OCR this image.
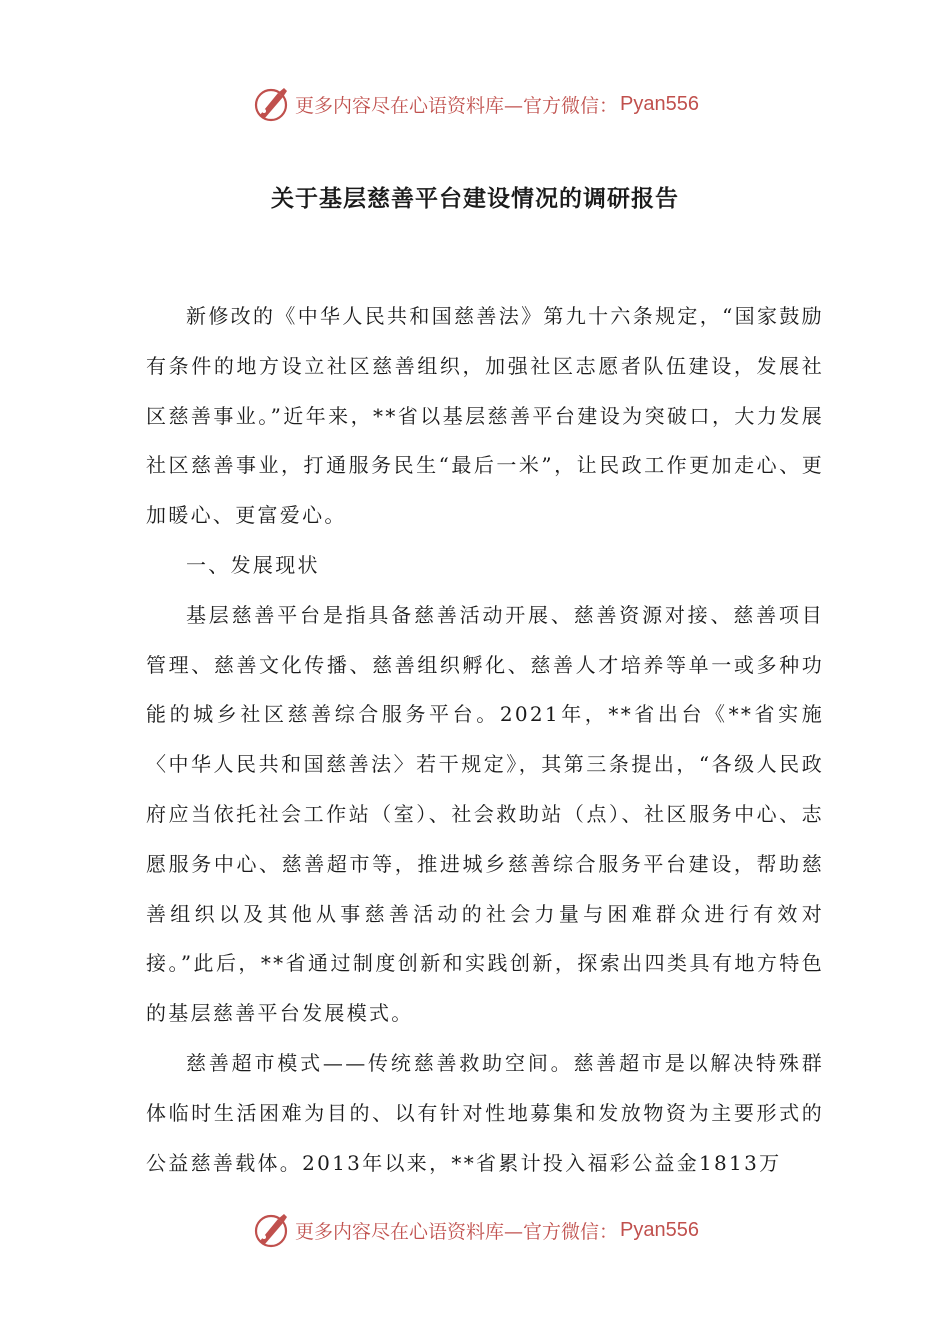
更多内容尽在心语资料库—官方微信： Pyan556
关于基层慈善平台建设情况的调研报告

新修改的《中华人民共和国慈善法》第九十六条规定，“国家鼓励有条件的地方设立社区慈善组织，加强社区志愿者队伍建设，发展社区慈善事业。”近年来，**省以基层慈善平台建设为突破口，大力发展社区慈善事业，打通服务民生“最后一米”，让民政工作更加走心、更加暖心、更富爱心。

一、发展现状

基层慈善平台是指具备慈善活动开展、慈善资源对接、慈善项目管理、慈善文化传播、慈善组织孵化、慈善人才培养等单一或多种功能的城乡社区慈善综合服务平台。2021年，**省出台《**省实施〈中华人民共和国慈善法〉若干规定》，其第三条提出，“各级人民政府应当依托社会工作站（室）、社会救助站（点）、社区服务中心、志愿服务中心、慈善超市等，推进城乡慈善综合服务平台建设，帮助慈善组织以及其他从事慈善活动的社会力量与困难群众进行有效对接。”此后，**省通过制度创新和实践创新，探索出四类具有地方特色的基层慈善平台发展模式。

慈善超市模式——传统慈善救助空间。慈善超市是以解决特殊群体临时生活困难为目的、以有针对性地募集和发放物资为主要形式的公益慈善载体。2013年以来，**省累计投入福彩公益金1813万

更多内容尽在心语资料库—官方微信： Pyan556
